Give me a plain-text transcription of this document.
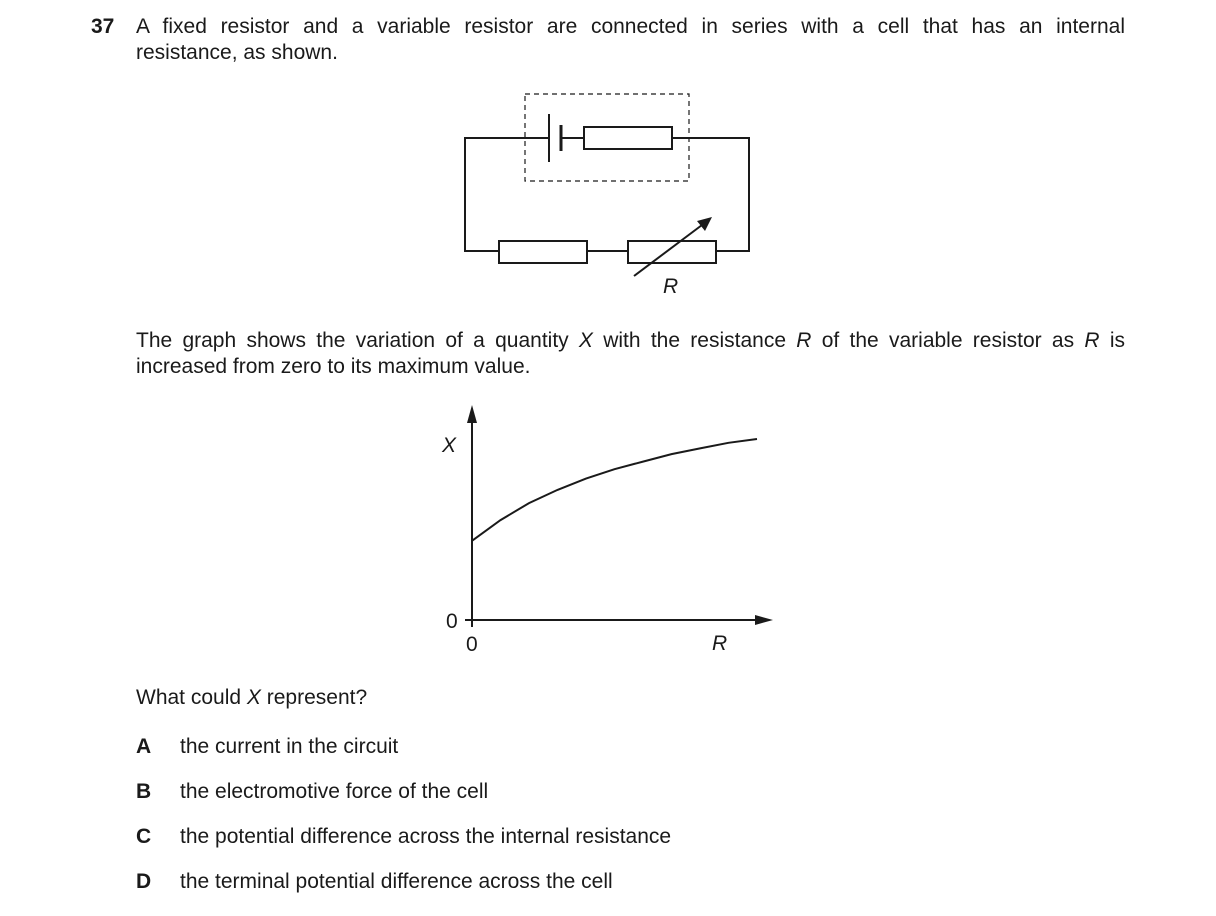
37 A fixed resistor and a variable resistor are connected in series with a cell that has an internal
resistance, as shown.

The graph shows the variation of a quantity X with the resistance R of the variable resistor as R is
increased from zero to its maximum value.

R
X
R
0
0

What could X represent?

A the current in the circuit
B the electromotive force of the cell
C the potential difference across the internal resistance
D the terminal potential difference across the cell
